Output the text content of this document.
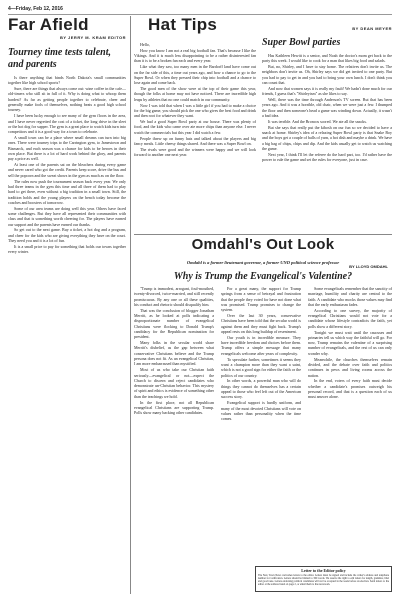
4—Friday, Feb 12, 2016
Far Afield
BY JERRY M. KRAM EDITOR
Tourney time tests talent, and parents

Is there anything that binds North Dakota's small communities together like high school sports?

Sure, there are things that always come out: wine coffee in the cafe—old-timers who still sit in full of it. Why is doing what to whoop them hardest? As far as getting people together to celebrate, cheer and generally make fools of themselves, nothing beats a good high school tourney.

I have been lucky enough to see many of the gym floors in the area, and I have never regretted the cost of a ticket, the long drive in the sleet or the hot dog for supper. The gym is a great place to watch kids turn into competitors and it is a good way for a town to celebrate.

A small town can be a place where small dreams can turn into big ones. There were tourney trips to the Carrington gym, to Jamestown and Bismarck, and each season was a chance for kids to be heroes in their own place. But there is a lot of hard work behind the glory, and parents pay a price as well.

At least one of the parents sat on the bleachers during every game and never cared who got the credit. Parents keep score, drive the bus and sell the popcorn and the sweat shows in the gym as much as on the floor.

The rules now push the tournament season back every year. We only had three teams in the gym this time and all three of them had to play hard to get there, even without a big tradition in a small town. Still, the tradition holds and the young players on the bench today become the coaches and boosters of tomorrow.

Some of our area teams are doing well this year. Others have faced some challenges. But they have all represented their communities with class and that is something worth cheering for. The players have earned our support and the parents have earned our thanks.

So get out to the next game. Buy a ticket, a hot dog and a program, and cheer for the kids who are giving everything they have on the court. They need you and it is a lot of fun.

It is a small price to pay for something that holds our towns together every winter.

Hat Tips

Hello,

How you know I am not a real big football fan. That's because I like the Vikings. And it is much less disappointing to be a rather disinterested fan than it is to be a broken fan each and every year.

Like what they saw, too many men in the Bardorff land have come out on the far side of this, a time out years ago, and how a chance to go to the Super Bowl. Or when they pressed their chip into football and a chance to lose again and come back.

The good men of the show were at the top of their game this year, though the folks at home may not have noticed. There are incredible high leaps by athletes that no one could match in our community.

Now I was told that when I was a little girl if you had to make a choice for the big game, you should pick the one who gives the best food and drink and then root for whatever they want.

We had a good Super Bowl party at our house. There was plenty of food, and the kids who came over ate more chips than anyone else. I never watch the commercials but this year I did watch a few.

People threw up on funny hats and talked about the players and big fancy meals. Little cheesy things shared. And there was a Super Bowl on.

The rivals were good and the winners were happy and we will look forward to another one next year.

BY DEAN MEYER
Super Bowl parties

Has Kathleen Hewitt is a senior, and Noah the doctor's mom get back to the party this week. I would like to cook for a man that likes big food and salads.

But, no, Shirley, and I have to stay home. The relatives don't invite us. The neighbors don't invite us. Oh, Shirley says we did get invited to one party. But you had to pay to get in and you had to bring your own lunch. I don't think you can count that.

And now that women says it is really my fault! We hadn't done much for our friends, I guess that's "Shirleyism" as she likes to say.

Well, there was the time through Anderson's TV screen. But that has been years ago. And it was a horrible, old chair, when we were just a few. I thumped the floor and then someone's head a game was winding down. Actually, it wasn't a bad idea.

It was terrible. And the Broncos scored. We ate all the snacks.

But she says that really put the kibosh on our fun so we decided to have a snack at home. Shirley's idea of a relaxing Super Bowl party is that Snake Boy and the boys get a couple of balls of yarn, a hot dish and maybe a drink. We have a big bag of chips, chips and dip. And the kids usually get to watch us watching the game.

Next year, I think I'll let the referee do the hard part, too. I'd rather have the power to rule the game and set the rules for everyone, just in case.

Omdahl's Out Look
Omdahl is a former lieutenant governor, a former UND political science professor
BY LLOYD OMDAHL
Why is Trump the Evangelical's Valentine?

"Trump is immodest, arrogant, foul-mouthed, twenty-divorced, twice-married, and still recently promiscuous. By any one or all these qualities, his conduct and rhetoric should disqualify him.

That was the conclusion of blogger Jonathan Merritt, as he looked at polls indicating a disproportionate number of evangelical Christians were flocking to Donald Trump's candidacy for the Republican nomination for president.

Many folks in the secular world share Merritt's disbelief, as the gap between what conservative Christians believe and the Trump persona does not fit. As an evangelical Christian, I am more embarrassed than mystified.

Most of us who take our Christian faith seriously—evangelical or not—expect the Church to discern and reject candidates who demonstrate un-Christian behavior. This mystery of spirit and ethics is evidence of something other than the teachings we hold.

In the first place, not all Republican evangelical Christians are supporting Trump. Polls show many backing other candidates.

For a great many, the support for Trump springs from a sense of betrayal and frustration that the people they voted for have not done what was promised. Trump promises to change the system.

Over the last 30 years, conservative Christians have been told that the secular world is against them and they must fight back. Trump's appeal rests on this long buildup of resentment.

Our youth is in incredible measure. They have incredible freedom and choices before them. Trump offers a simple message that many evangelicals welcome after years of complexity.

To speculate further, sometimes it seems they want a champion more than they want a saint, which is not a good sign for either the faith or the politics of our country.

In other words, a powerful man who will do things they cannot do themselves has a certain appeal to those who feel left out of the American success story.

Evangelical support is hardly uniform, and many of the most devoted Christians will vote on values rather than personality when the time comes.

Some evangelicals remember that the sanctity of marriage, humility and charity are central to the faith. A candidate who mocks those values may find that the early enthusiasm fades.

According to one survey, the majority of evangelical Christians would not vote for a candidate whose lifestyle contradicts the faith, yet polls show a different story.

Tonight we must wait until the caucuses and primaries tell us which way the faithful will go. For now, Trump remains the valentine of a surprising number of evangelicals, and the rest of us can only wonder why.

Meanwhile, the churches themselves remain divided, and the debate over faith and politics continues in pews and living rooms across the nation.

In the end, voters of every faith must decide whether a candidate's promises outweigh his personal record, and that is a question each of us must answer alone.

Letter to the Editor policy
The New Town News welcomes letters to the editor. Letters must be signed and include the writer's address and telephone number for verification. Letters should be limited to 300 words. We reserve the right to edit letters for length, grammar, libel and good taste. Letters endorsing political candidates will not be accepted in the week before an election. Send letters to the editor at the address listed on page 2, or email them to the newsroom.
